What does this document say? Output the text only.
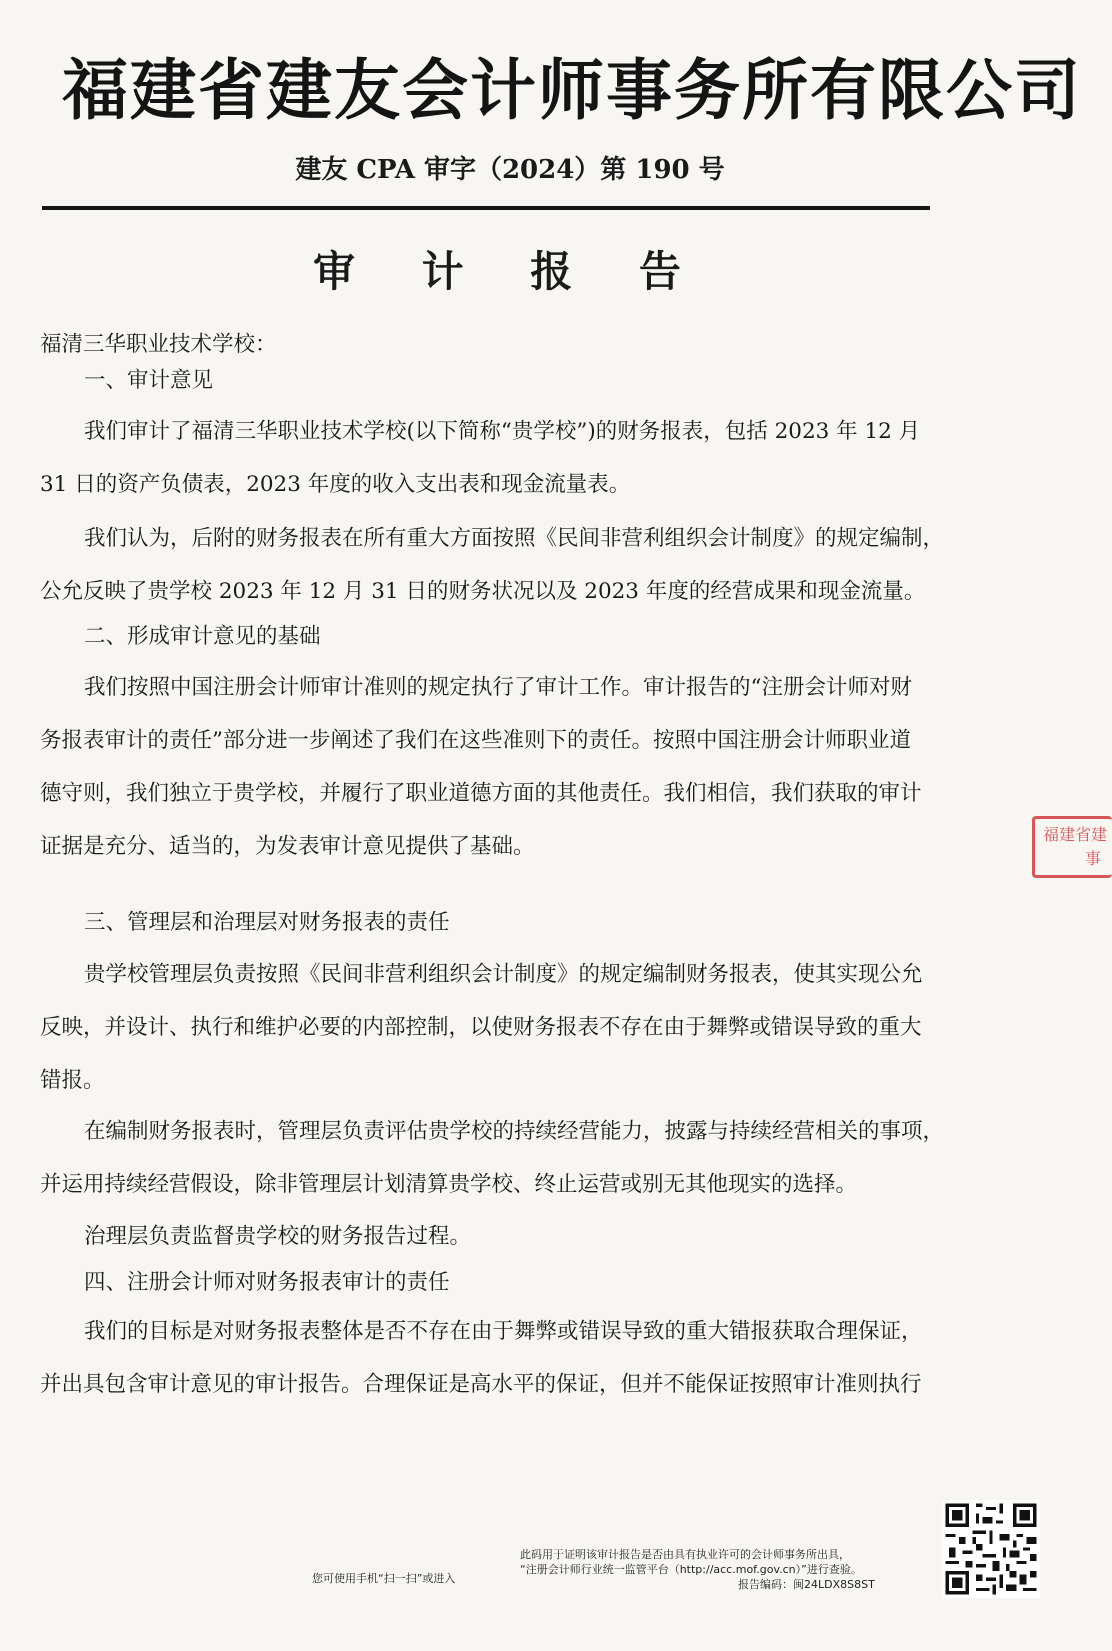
福建省建友会计师事务所有限公司
建友 CPA 审字（2024）第 190 号
审 计 报 告
福清三华职业技术学校：
一、审计意见

我们审计了福清三华职业技术学校(以下简称“贵学校”)的财务报表，包括 2023 年 12 月

31 日的资产负债表，2023 年度的收入支出表和现金流量表。

我们认为，后附的财务报表在所有重大方面按照《民间非营利组织会计制度》的规定编制，

公允反映了贵学校 2023 年 12 月 31 日的财务状况以及 2023 年度的经营成果和现金流量。

二、形成审计意见的基础

我们按照中国注册会计师审计准则的规定执行了审计工作。审计报告的“注册会计师对财

务报表审计的责任”部分进一步阐述了我们在这些准则下的责任。按照中国注册会计师职业道

德守则，我们独立于贵学校，并履行了职业道德方面的其他责任。我们相信，我们获取的审计

证据是充分、适当的，为发表审计意见提供了基础。

三、管理层和治理层对财务报表的责任

贵学校管理层负责按照《民间非营利组织会计制度》的规定编制财务报表，使其实现公允

反映，并设计、执行和维护必要的内部控制，以使财务报表不存在由于舞弊或错误导致的重大

错报。

在编制财务报表时，管理层负责评估贵学校的持续经营能力，披露与持续经营相关的事项，

并运用持续经营假设，除非管理层计划清算贵学校、终止运营或别无其他现实的选择。

治理层负责监督贵学校的财务报告过程。

四、注册会计师对财务报表审计的责任

我们的目标是对财务报表整体是否不存在由于舞弊或错误导致的重大错报获取合理保证，

并出具包含审计意见的审计报告。合理保证是高水平的保证，但并不能保证按照审计准则执行

福建省建
事
您可使用手机“扫一扫”或进入
此码用于证明该审计报告是否由具有执业许可的会计师事务所出具，
“注册会计师行业统一监管平台（http://acc.mof.gov.cn）”进行查验。
报告编码：闽24LDX8S8ST
